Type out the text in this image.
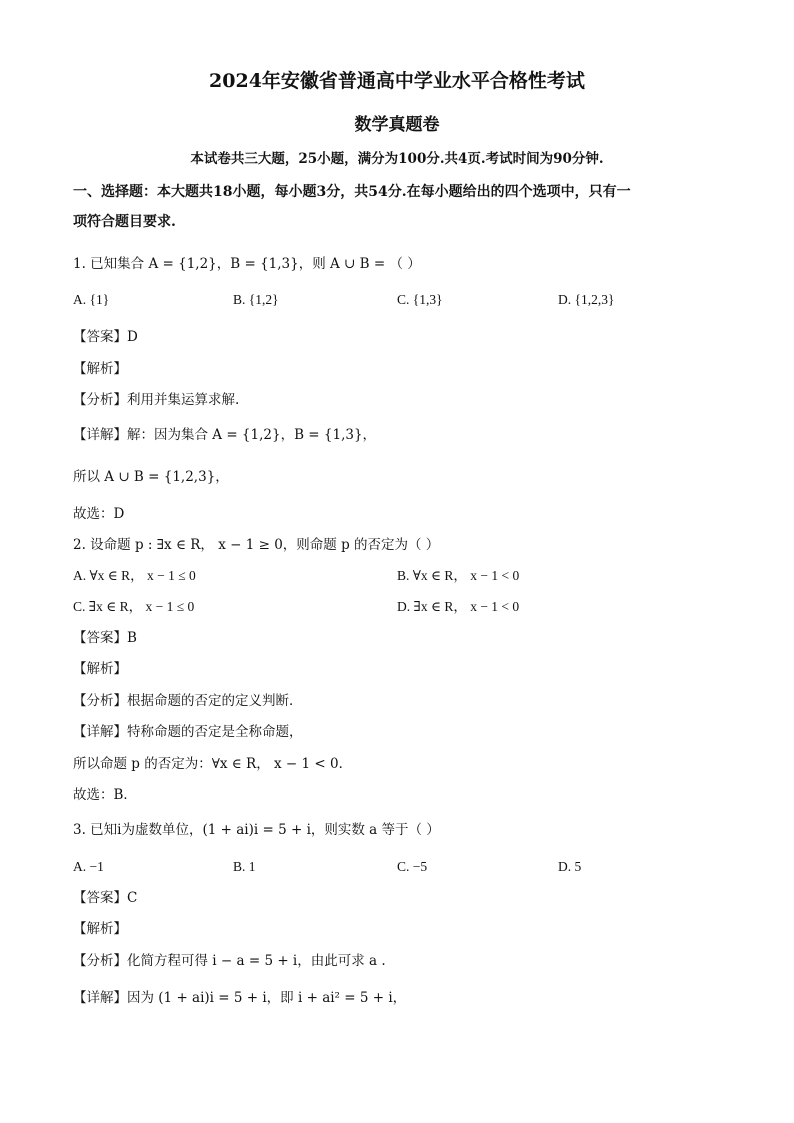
2024年安徽省普通高中学业水平合格性考试
数学真题卷
本试卷共三大题，25小题，满分为100分.共4页.考试时间为90分钟.
一、选择题：本大题共18小题，每小题3分，共54分.在每小题给出的四个选项中，只有一
项符合题目要求.
1. 已知集合 A = {1,2}，B = {1,3}，则 A ∪ B = （ ）
A. {1}	B. {1,2}	C. {1,3}	D. {1,2,3}
【答案】D
【解析】
【分析】利用并集运算求解.
【详解】解：因为集合 A = {1,2}，B = {1,3}，
所以 A ∪ B = {1,2,3}，
故选：D
2. 设命题 p : ∃x ∈ R， x − 1 ≥ 0，则命题 p 的否定为（ ）
A. ∀x ∈ R， x − 1 ≤ 0	B. ∀x ∈ R， x − 1 < 0
C. ∃x ∈ R， x − 1 ≤ 0	D. ∃x ∈ R， x − 1 < 0
【答案】B
【解析】
【分析】根据命题的否定的定义判断．
【详解】特称命题的否定是全称命题，
所以命题 p 的否定为：∀x ∈ R， x − 1 < 0．
故选：B．
3. 已知i为虚数单位，(1 + ai)i = 5 + i，则实数 a 等于（ ）
A. −1	B. 1	C. −5	D. 5
【答案】C
【解析】
【分析】化简方程可得 i − a = 5 + i，由此可求 a .
【详解】因为 (1 + ai)i = 5 + i，即 i + ai² = 5 + i，
